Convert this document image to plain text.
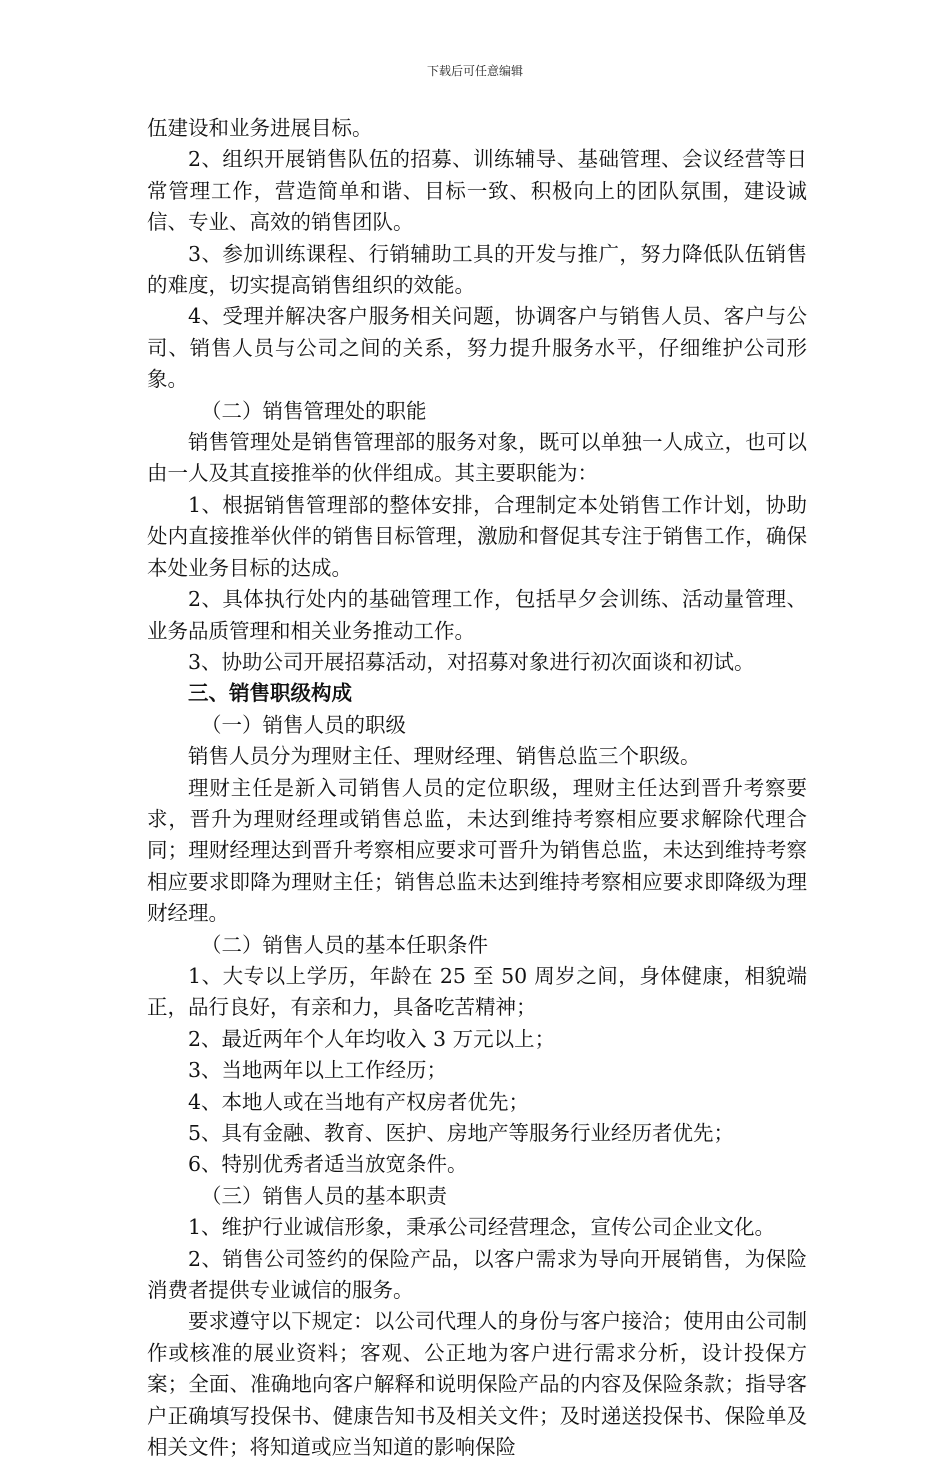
下载后可任意编辑

伍建设和业务进展目标。

2、组织开展销售队伍的招募、训练辅导、基础管理、会议经营等日常管理工作，营造简单和谐、目标一致、积极向上的团队氛围，建设诚信、专业、高效的销售团队。

3、参加训练课程、行销辅助工具的开发与推广，努力降低队伍销售的难度，切实提高销售组织的效能。

4、受理并解决客户服务相关问题，协调客户与销售人员、客户与公司、销售人员与公司之间的关系，努力提升服务水平，仔细维护公司形象。

（二）销售管理处的职能

销售管理处是销售管理部的服务对象，既可以单独一人成立，也可以由一人及其直接推举的伙伴组成。其主要职能为：

1、根据销售管理部的整体安排，合理制定本处销售工作计划，协助处内直接推举伙伴的销售目标管理，激励和督促其专注于销售工作，确保本处业务目标的达成。

2、具体执行处内的基础管理工作，包括早夕会训练、活动量管理、业务品质管理和相关业务推动工作。

3、协助公司开展招募活动，对招募对象进行初次面谈和初试。

三、销售职级构成

（一）销售人员的职级

销售人员分为理财主任、理财经理、销售总监三个职级。

理财主任是新入司销售人员的定位职级，理财主任达到晋升考察要求，晋升为理财经理或销售总监，未达到维持考察相应要求解除代理合同；理财经理达到晋升考察相应要求可晋升为销售总监，未达到维持考察相应要求即降为理财主任；销售总监未达到维持考察相应要求即降级为理财经理。

（二）销售人员的基本任职条件

1、大专以上学历，年龄在 25 至 50 周岁之间，身体健康，相貌端正，品行良好，有亲和力，具备吃苦精神；

2、最近两年个人年均收入 3 万元以上；

3、当地两年以上工作经历；

4、本地人或在当地有产权房者优先；

5、具有金融、教育、医护、房地产等服务行业经历者优先；

6、特别优秀者适当放宽条件。

（三）销售人员的基本职责

1、维护行业诚信形象，秉承公司经营理念，宣传公司企业文化。

2、销售公司签约的保险产品，以客户需求为导向开展销售，为保险消费者提供专业诚信的服务。

要求遵守以下规定：以公司代理人的身份与客户接洽；使用由公司制作或核准的展业资料；客观、公正地为客户进行需求分析，设计投保方案；全面、准确地向客户解释和说明保险产品的内容及保险条款；指导客户正确填写投保书、健康告知书及相关文件；及时递送投保书、保险单及相关文件；将知道或应当知道的影响保险
